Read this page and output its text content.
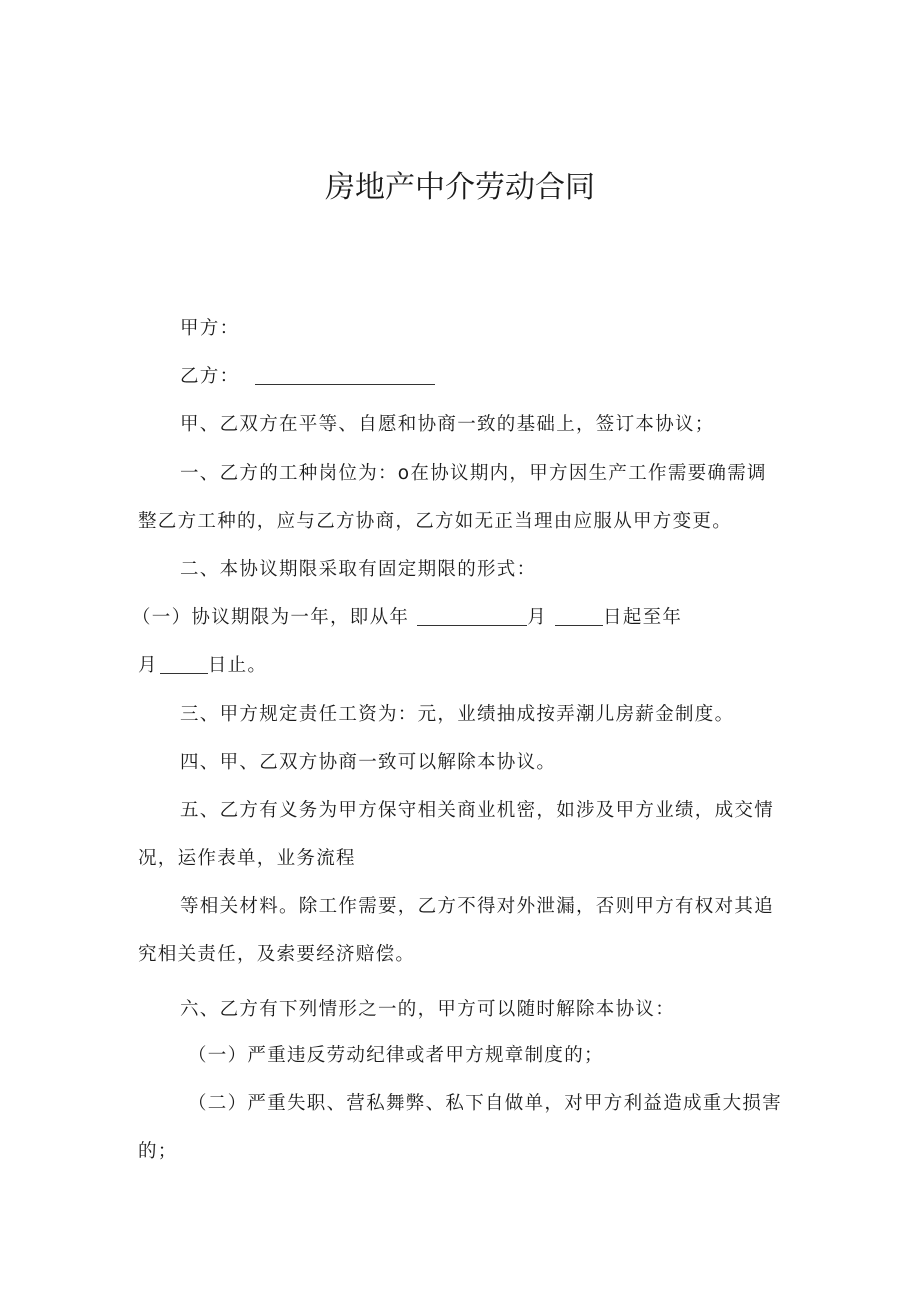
房地产中介劳动合同
甲方：
乙方：
甲、乙双方在平等、自愿和协商一致的基础上，签订本协议；
一、乙方的工种岗位为：o在协议期内，甲方因生产工作需要确需调
整乙方工种的，应与乙方协商，乙方如无正当理由应服从甲方变更。
二、本协议期限采取有固定期限的形式：
（一）协议期限为一年，即从年	月	日起至年
月	日止。
三、甲方规定责任工资为：元，业绩抽成按弄潮儿房薪金制度。
四、甲、乙双方协商一致可以解除本协议。
五、乙方有义务为甲方保守相关商业机密，如涉及甲方业绩，成交情
况，运作表单，业务流程
等相关材料。除工作需要，乙方不得对外泄漏，否则甲方有权对其追
究相关责任，及索要经济赔偿。
六、乙方有下列情形之一的，甲方可以随时解除本协议：
（一）严重违反劳动纪律或者甲方规章制度的；
（二）严重失职、营私舞弊、私下自做单，对甲方利益造成重大损害
的；
